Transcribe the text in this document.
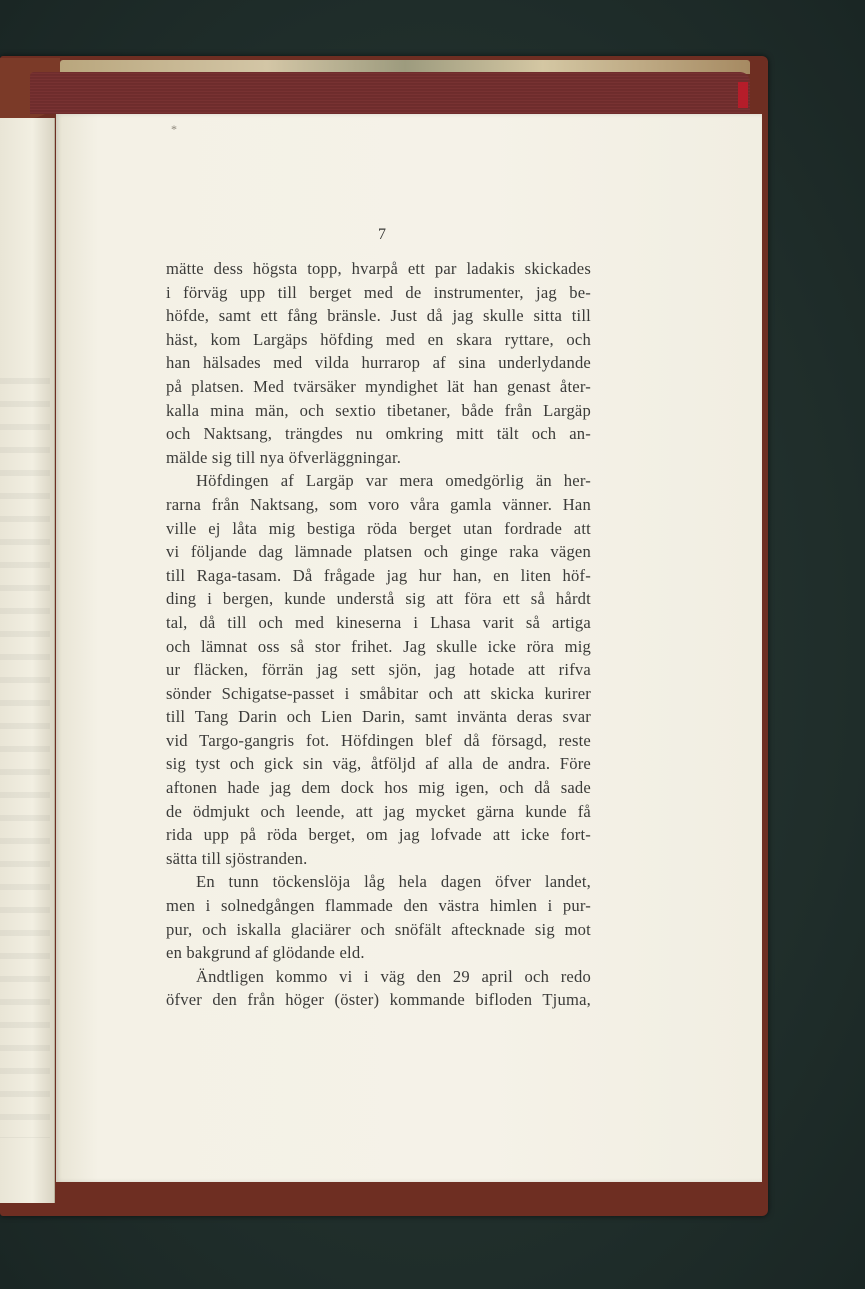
*
7
mätte dess högsta topp, hvarpå ett par ladakis skickades
i förväg upp till berget med de instrumenter, jag be-
höfde, samt ett fång bränsle. Just då jag skulle sitta till
häst, kom Largäps höfding med en skara ryttare, och
han hälsades med vilda hurrarop af sina underlydande
på platsen. Med tvärsäker myndighet lät han genast åter-
kalla mina män, och sextio tibetaner, både från Largäp
och Naktsang, trängdes nu omkring mitt tält och an-
mälde sig till nya öfverläggningar.
Höfdingen af Largäp var mera omedgörlig än her-
rarna från Naktsang, som voro våra gamla vänner. Han
ville ej låta mig bestiga röda berget utan fordrade att
vi följande dag lämnade platsen och ginge raka vägen
till Raga-tasam. Då frågade jag hur han, en liten höf-
ding i bergen, kunde understå sig att föra ett så hårdt
tal, då till och med kineserna i Lhasa varit så artiga
och lämnat oss så stor frihet. Jag skulle icke röra mig
ur fläcken, förrän jag sett sjön, jag hotade att rifva
sönder Schigatse-passet i småbitar och att skicka kurirer
till Tang Darin och Lien Darin, samt invänta deras svar
vid Targo-gangris fot. Höfdingen blef då försagd, reste
sig tyst och gick sin väg, åtföljd af alla de andra. Före
aftonen hade jag dem dock hos mig igen, och då sade
de ödmjukt och leende, att jag mycket gärna kunde få
rida upp på röda berget, om jag lofvade att icke fort-
sätta till sjöstranden.
En tunn töckenslöja låg hela dagen öfver landet,
men i solnedgången flammade den västra himlen i pur-
pur, och iskalla glaciärer och snöfält aftecknade sig mot
en bakgrund af glödande eld.
Ändtligen kommo vi i väg den 29 april och redo
öfver den från höger (öster) kommande bifloden Tjuma,
